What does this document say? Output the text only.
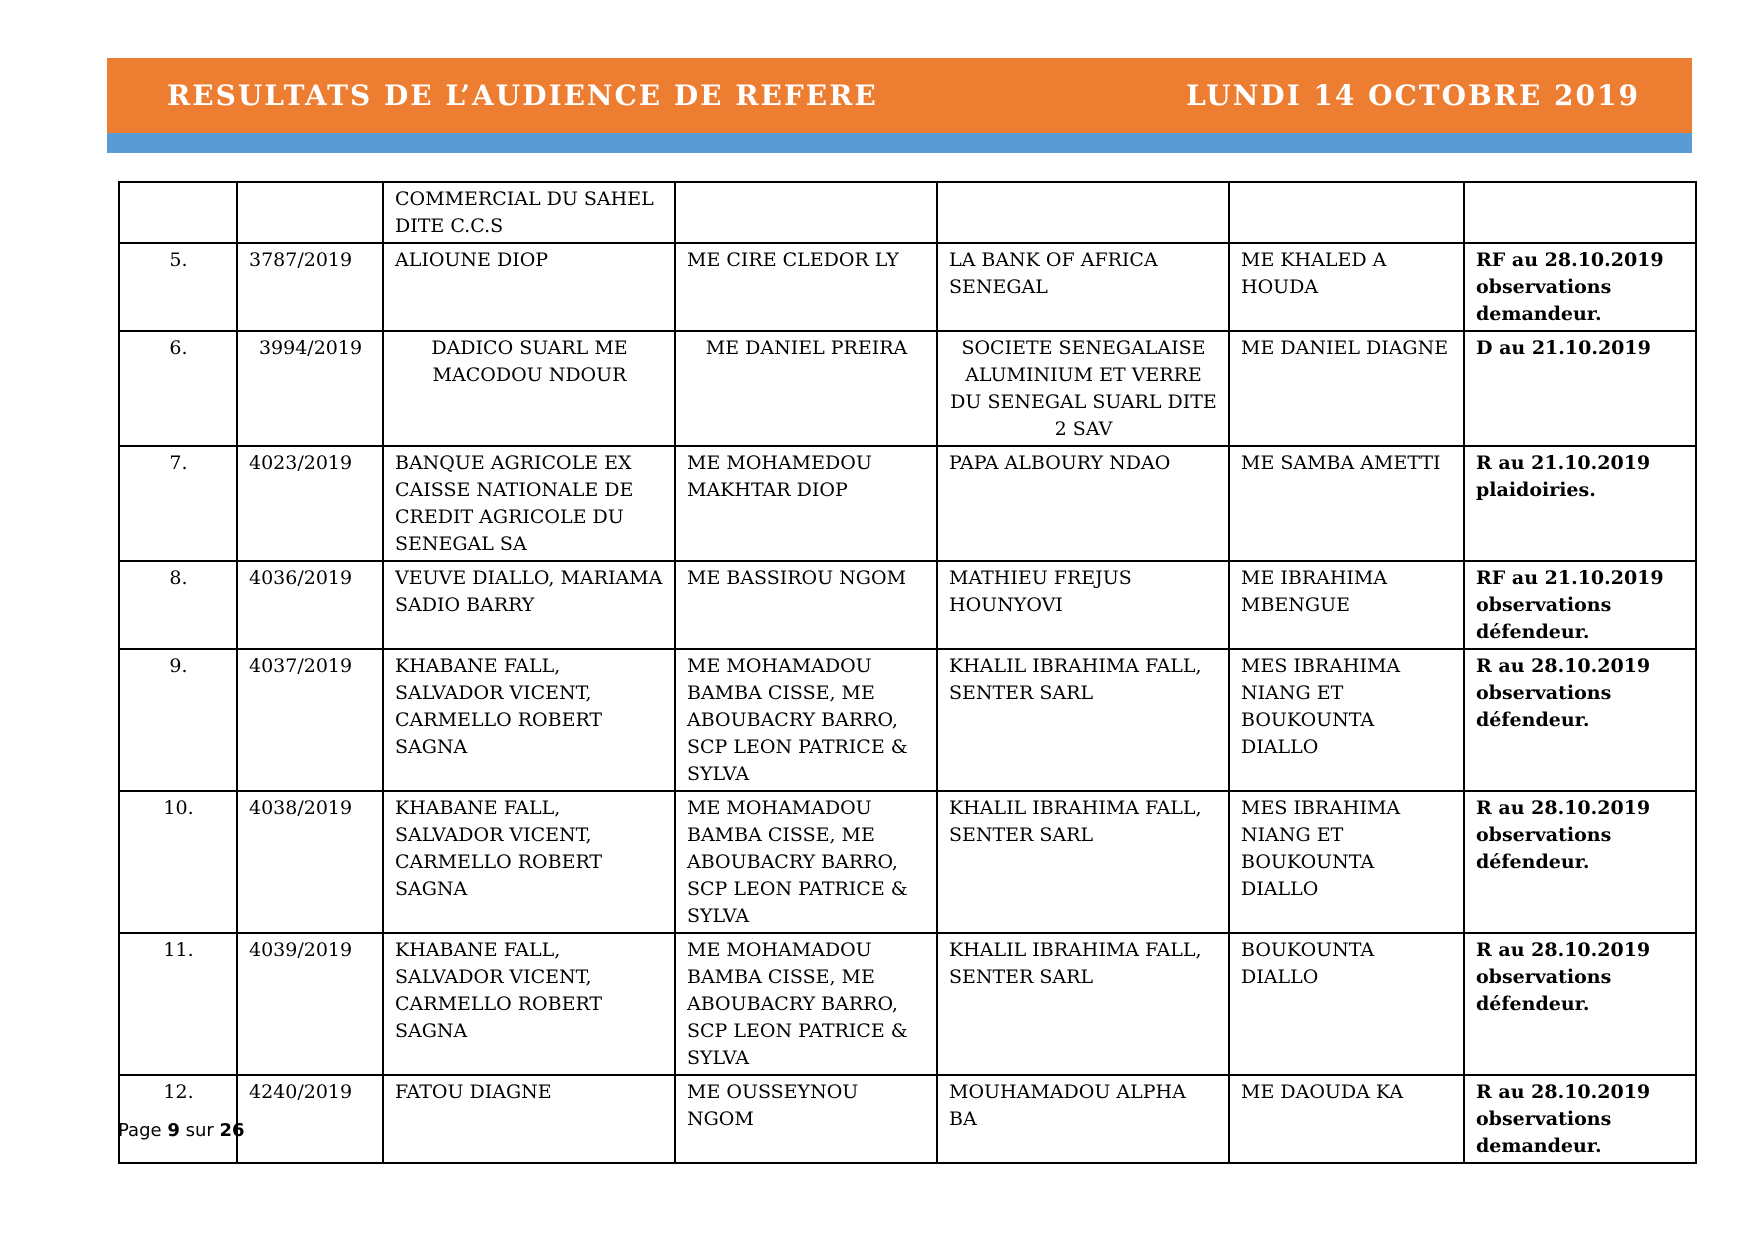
RESULTATS DE L’AUDIENCE DE REFERE	LUNDI 14 OCTOBRE 2019
		COMMERCIAL DU SAHEL DITE C.C.S				
5.	3787/2019	ALIOUNE DIOP	ME CIRE CLEDOR LY	LA BANK OF AFRICA SENEGAL	ME KHALED A HOUDA	RF au 28.10.2019 observations demandeur.
6.	3994/2019	DADICO SUARL ME MACODOU NDOUR	ME DANIEL PREIRA	SOCIETE SENEGALAISE ALUMINIUM ET VERRE DU SENEGAL SUARL DITE 2 SAV	ME DANIEL DIAGNE	D au 21.10.2019
7.	4023/2019	BANQUE AGRICOLE EX CAISSE NATIONALE DE CREDIT AGRICOLE DU SENEGAL SA	ME MOHAMEDOU MAKHTAR DIOP	PAPA ALBOURY NDAO	ME SAMBA AMETTI	R au 21.10.2019 plaidoiries.
8.	4036/2019	VEUVE DIALLO, MARIAMA SADIO BARRY	ME BASSIROU NGOM	MATHIEU FREJUS HOUNYOVI	ME IBRAHIMA MBENGUE	RF au 21.10.2019 observations défendeur.
9.	4037/2019	KHABANE FALL, SALVADOR VICENT, CARMELLO ROBERT SAGNA	ME MOHAMADOU BAMBA CISSE, ME ABOUBACRY BARRO, SCP LEON PATRICE & SYLVA	KHALIL IBRAHIMA FALL, SENTER SARL	MES IBRAHIMA NIANG ET BOUKOUNTA DIALLO	R au 28.10.2019 observations défendeur.
10.	4038/2019	KHABANE FALL, SALVADOR VICENT, CARMELLO ROBERT SAGNA	ME MOHAMADOU BAMBA CISSE, ME ABOUBACRY BARRO, SCP LEON PATRICE & SYLVA	KHALIL IBRAHIMA FALL, SENTER SARL	MES IBRAHIMA NIANG ET BOUKOUNTA DIALLO	R au 28.10.2019 observations défendeur.
11.	4039/2019	KHABANE FALL, SALVADOR VICENT, CARMELLO ROBERT SAGNA	ME MOHAMADOU BAMBA CISSE, ME ABOUBACRY BARRO, SCP LEON PATRICE & SYLVA	KHALIL IBRAHIMA FALL, SENTER SARL	BOUKOUNTA DIALLO	R au 28.10.2019 observations défendeur.
12.	4240/2019	FATOU DIAGNE	ME OUSSEYNOU NGOM	MOUHAMADOU ALPHA BA	ME DAOUDA KA	R au 28.10.2019 observations demandeur.
Page 9 sur 26
